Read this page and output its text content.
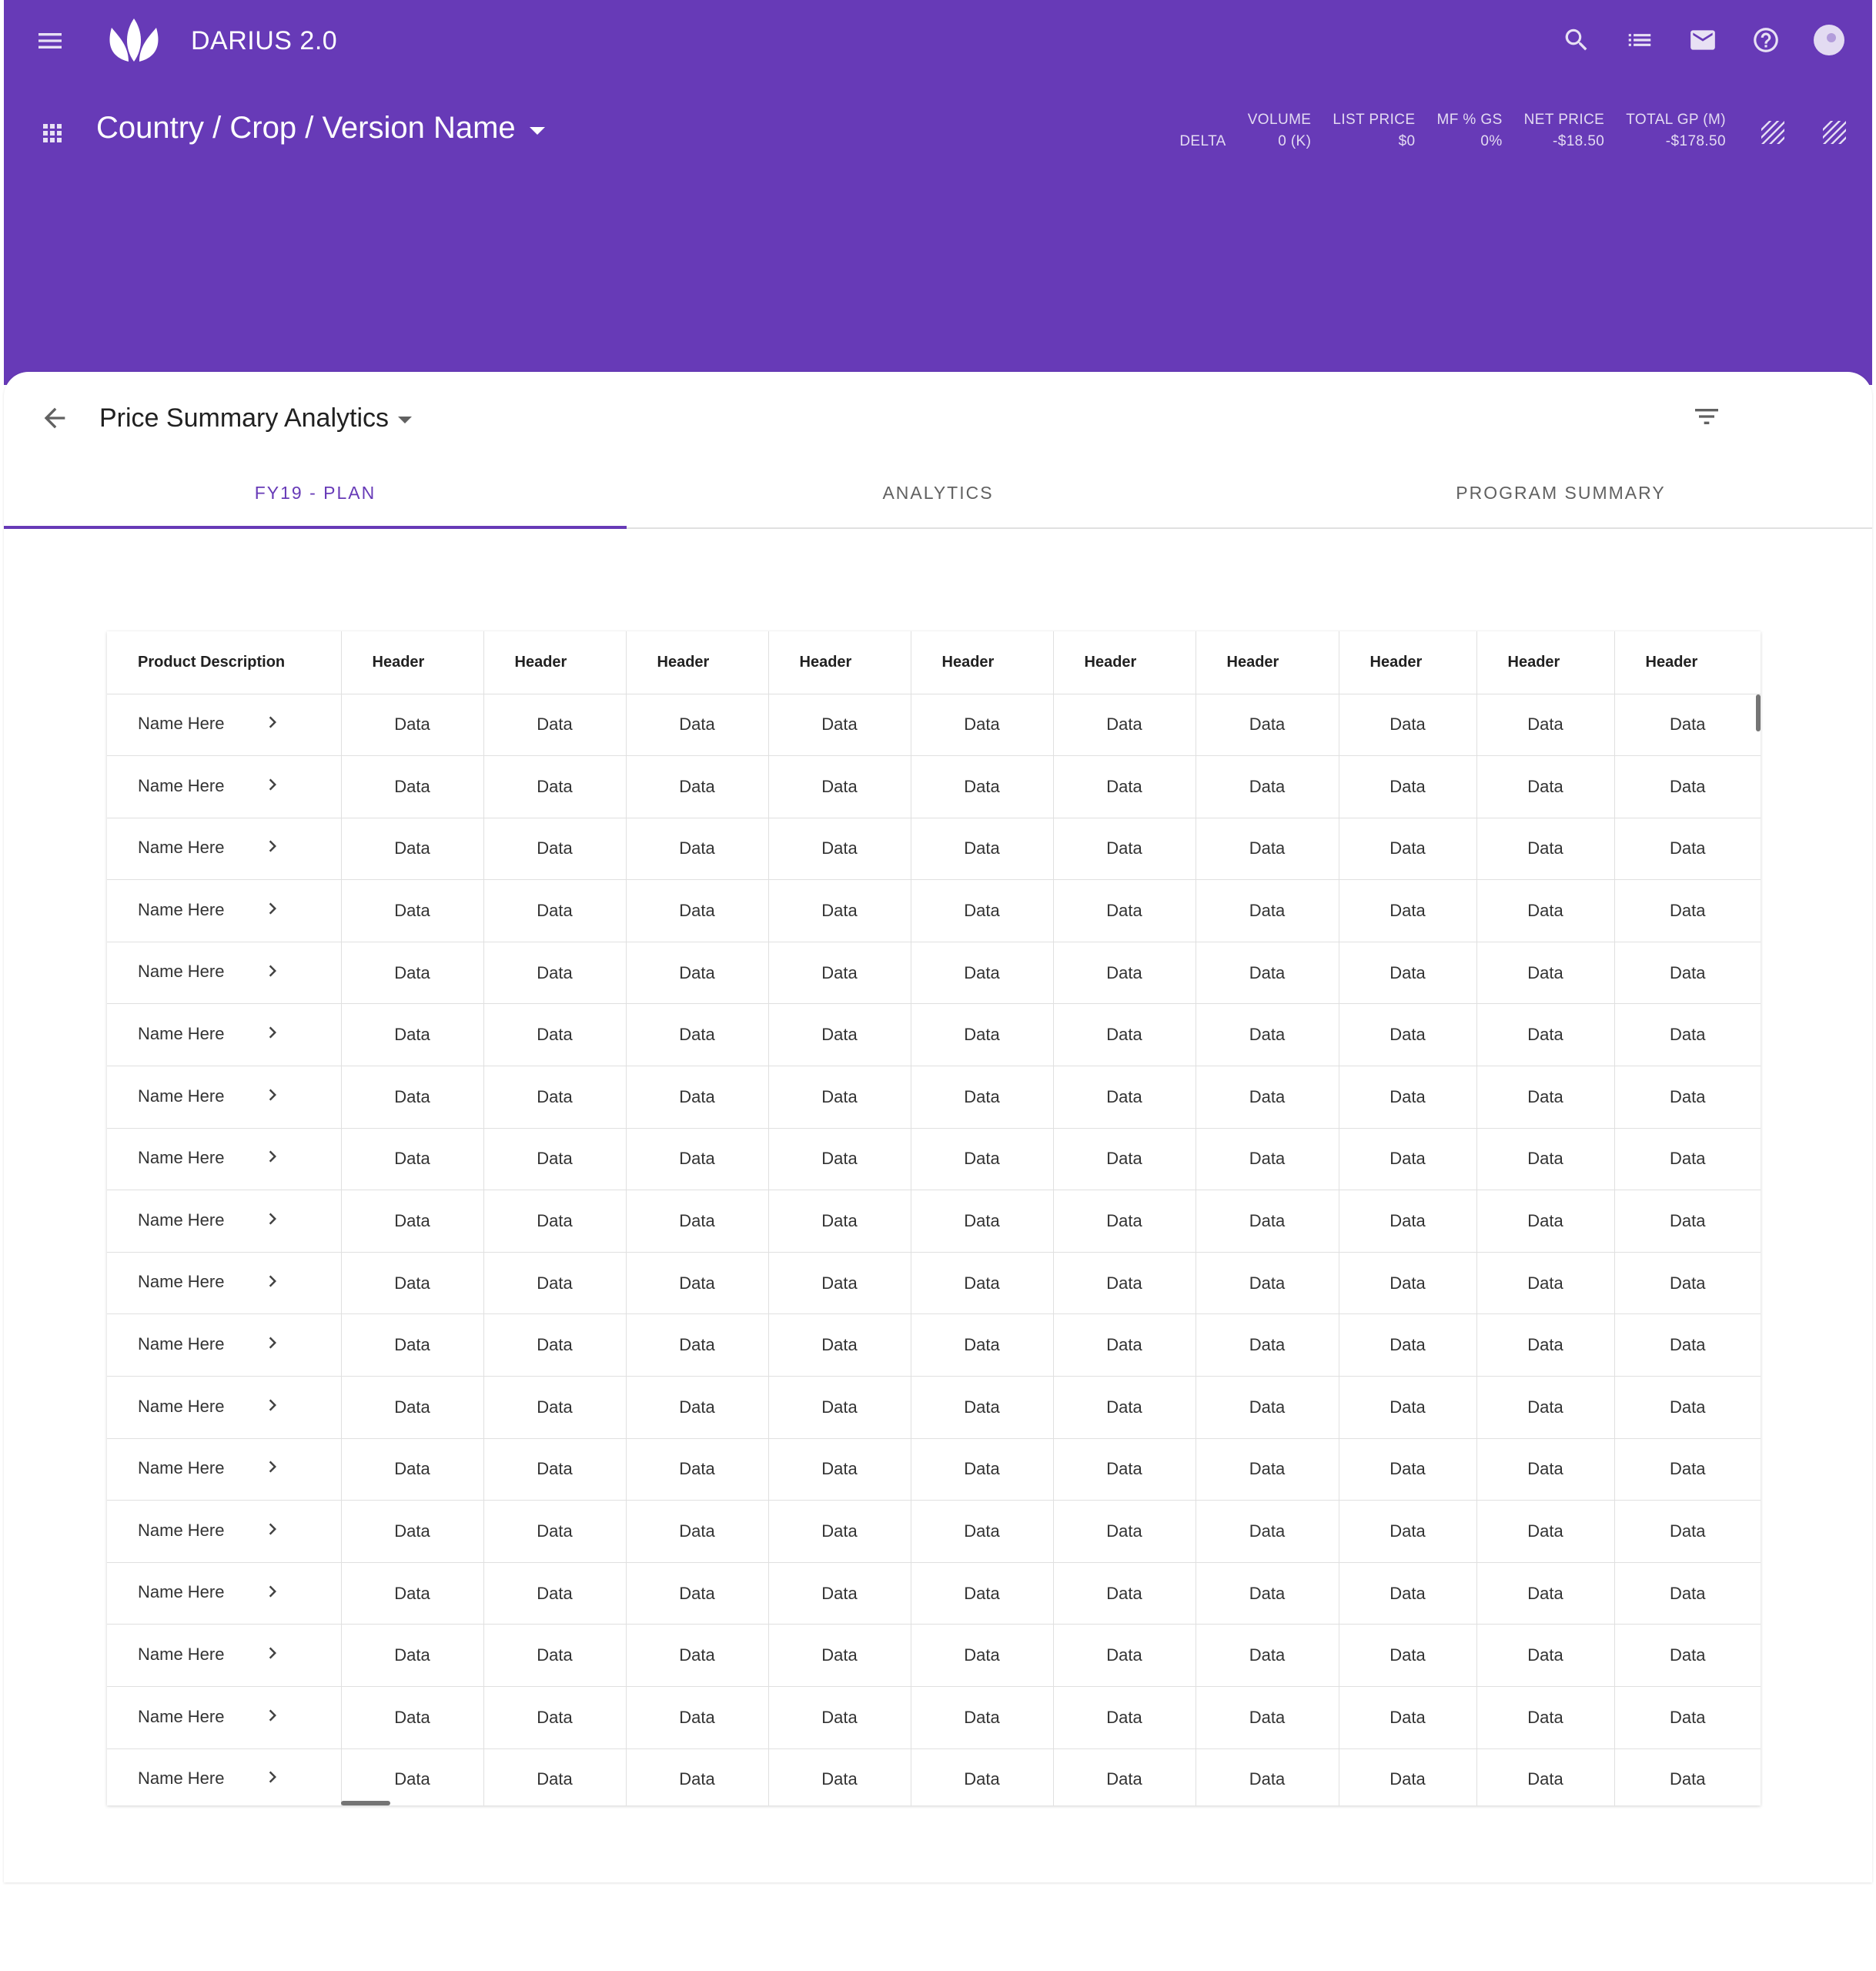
DARIUS 2.0
Country / Crop / Version Name	DELTA
VOLUME
0 (K)
LIST PRICE
$0
MF % GS
0%
NET PRICE
-$18.50
TOTAL GP (M)
-$178.50
Price Summary Analytics
FY19 - PLAN	ANALYTICS	PROGRAM SUMMARY
Product Description	Header	Header	Header	Header	Header	Header	Header	Header	Header	Header
Name Here	Data	Data	Data	Data	Data	Data	Data	Data	Data	Data
Name Here	Data	Data	Data	Data	Data	Data	Data	Data	Data	Data
Name Here	Data	Data	Data	Data	Data	Data	Data	Data	Data	Data
Name Here	Data	Data	Data	Data	Data	Data	Data	Data	Data	Data
Name Here	Data	Data	Data	Data	Data	Data	Data	Data	Data	Data
Name Here	Data	Data	Data	Data	Data	Data	Data	Data	Data	Data
Name Here	Data	Data	Data	Data	Data	Data	Data	Data	Data	Data
Name Here	Data	Data	Data	Data	Data	Data	Data	Data	Data	Data
Name Here	Data	Data	Data	Data	Data	Data	Data	Data	Data	Data
Name Here	Data	Data	Data	Data	Data	Data	Data	Data	Data	Data
Name Here	Data	Data	Data	Data	Data	Data	Data	Data	Data	Data
Name Here	Data	Data	Data	Data	Data	Data	Data	Data	Data	Data
Name Here	Data	Data	Data	Data	Data	Data	Data	Data	Data	Data
Name Here	Data	Data	Data	Data	Data	Data	Data	Data	Data	Data
Name Here	Data	Data	Data	Data	Data	Data	Data	Data	Data	Data
Name Here	Data	Data	Data	Data	Data	Data	Data	Data	Data	Data
Name Here	Data	Data	Data	Data	Data	Data	Data	Data	Data	Data
Name Here	Data	Data	Data	Data	Data	Data	Data	Data	Data	Data
